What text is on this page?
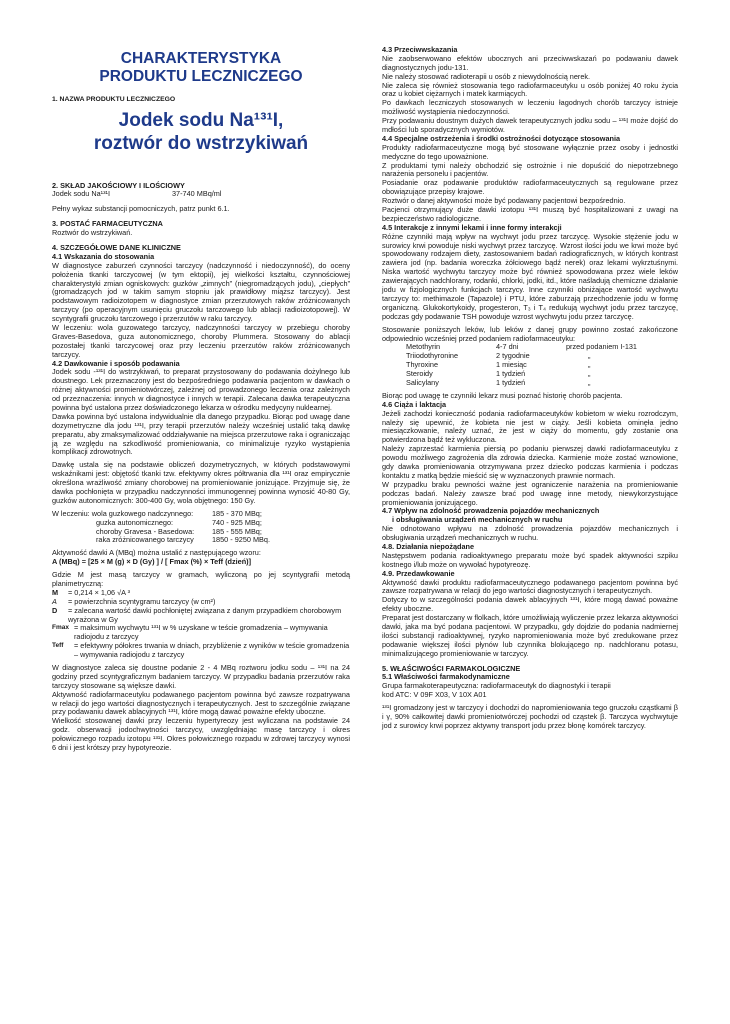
CHARAKTERYSTYKA
PRODUKTU LECZNICZEGO
1. NAZWA PRODUKTU LECZNICZEGO
Jodek sodu Na¹³¹I,
roztwór do wstrzykiwań
2. SKŁAD JAKOŚCIOWY I ILOŚCIOWY
Jodek sodu Na¹³¹I	37-740 MBq/ml

Pełny wykaz substancji pomocniczych, patrz punkt 6.1.

3. POSTAĆ FARMACEUTYCZNA

Roztwór do wstrzykiwań.

4. SZCZEGÓŁOWE DANE KLINICZNE
4.1 Wskazania do stosowania

W diagnostyce zaburzeń czynności tarczycy (nadczynność i niedoczynność), do oceny położenia tkanki tarczycowej (w tym ektopii), jej wielkości kształtu, czynnościowej charakterystyki zmian ogniskowych: guzków „zimnych” (niegromadzących jodu), „ciepłych” (gromadzących jod w takim samym stopniu jak prawidłowy miąższ tarczycy). Jest podstawowym radioizotopem w diagnostyce zmian przerzutowych raków zróżnicowanych tarczycy (po operacyjnym usunięciu gruczołu tarczowego lub ablacji radioizotopowej). W scyntygrafii gruczołu tarczowego i przerzutów w raku tarczycy.

W leczeniu: wola guzowatego tarczycy, nadczynności tarczycy w przebiegu choroby Graves-Basedova, guza autonomicznego, choroby Plummera. Stosowany do ablacji pozostałej tkanki tarczycowej oraz przy leczeniu przerzutów raków zróżnicowanych tarczycy.

4.2 Dawkowanie i sposób podawania

Jodek sodu -¹³¹I do wstrzykiwań, to preparat przystosowany do podawania dożylnego lub doustnego. Lek przeznaczony jest do bezpośredniego podawania pacjentom w dawkach o różnej aktywności promieniotwórczej, zależnej od prowadzonego leczenia oraz zależnych od przeznaczenia: innych w diagnostyce i innych w terapii. Zalecana dawka terapeutyczna powinna być ustalona przez doświadczonego lekarza w ośrodku medycyny nuklearnej.

Dawka powinna być ustalona indywidualnie dla danego przypadku. Biorąc pod uwagę dane dozymetryczne dla jodu ¹³¹I, przy terapii przerzutów należy wcześniej ustalić taką dawkę preparatu, aby zmaksymalizować oddziaływanie na miejsca przerzutowe raka i ograniczając ją ze względu na szkodliwość promieniowania, co minimalizuje ryzyko wystąpienia komplikacji zdrowotnych.

Dawkę ustala się na podstawie obliczeń dozymetrycznych, w których podstawowymi wskaźnikami jest: objętość tkanki tzw. efektywny okres półtrwania dla ¹³¹I oraz empirycznie określona wrażliwość zmiany chorobowej na promieniowanie jonizujące. Przyjmuje się, że dawka pochłonięta w przypadku nadczynności immunogennej powinna wynosić 40-80 Gy, guzków autonomicznych: 300-400 Gy, wola objętnego: 150 Gy.

W leczeniu: wola guzkowego nadczynnego:	185 - 370 MBq;
guzka autonomicznego:	740 - 925 MBq;
choroby Gravesa - Basedowa:	185 - 555 MBq;
raka zróżnicowanego tarczycy	1850 - 9250 MBq.

Aktywność dawki A (MBq) można ustalić z następującego wzoru:

A (MBq) = [25 × M (g) × D (Gy) ] / [ Fmax (%) × Teff (dzień)]

Gdzie M jest masą tarczycy w gramach, wyliczoną po jej scyntygrafii metodą planimetryczną:

M	= 0,214 × 1,06 √A ³
A	= powierzchnia scyntygramu tarczycy (w cm²)
D	= zalecana wartość dawki pochłoniętej związana z danym przypadkiem chorobowym wyrażona w Gy
Fmax = maksimum wychwytu ¹³¹I w % uzyskane w teście gromadzenia – wymywania radiojodu z tarczycy
Teff	= efektywny półokres trwania w dniach, przybliżenie z wyników w teście gromadzenia – wymywania radiojodu z tarczycy

W diagnostyce zaleca się doustne podanie 2 - 4 MBq roztworu jodku sodu – ¹³¹I na 24 godziny przed scyntygraficznym badaniem tarczycy. W przypadku badania przerzutów raka tarczycy stosowane są większe dawki.

Aktywność radiofarmaceutyku podawanego pacjentom powinna być zawsze rozpatrywana w relacji do jego wartości diagnostycznych i terapeutycznych. Jest to szczególnie związane przy podawaniu dawek ablacyjnych ¹³¹I, które mogą dawać poważne efekty uboczne.

Wielkość stosowanej dawki przy leczeniu hypertyreozy jest wyliczana na podstawie 24 godz. obserwacji jodochwytności tarczycy, uwzględniając masę tarczycy i okres połowicznego rozpadu izotopu ¹³¹I. Okres połowicznego rozpadu w zdrowej tarczycy wynosi 6 dni i jest krótszy przy hypotyreozie.

4.3 Przeciwwskazania

Nie zaobserwowano efektów ubocznych ani przeciwwskazań po podawaniu dawek diagnostycznych jodu-131.

Nie należy stosować radioterapii u osób z niewydolnością nerek.

Nie zaleca się również stosowania tego radiofarmaceutyku u osób poniżej 40 roku życia oraz u kobiet ciężarnych i matek karmiących.

Po dawkach leczniczych stosowanych w leczeniu łagodnych chorób tarczycy istnieje możliwość wystąpienia niedoczynności.

Przy podawaniu doustnym dużych dawek terapeutycznych jodku sodu – ¹³¹I może dojść do mdłości lub sporadycznych wymiotów.

4.4 Specjalne ostrzeżenia i środki ostrożności dotyczące stosowania

Produkty radiofarmaceutyczne mogą być stosowane wyłącznie przez osoby i jednostki medyczne do tego upoważnione.

Z produktami tymi należy obchodzić się ostrożnie i nie dopuścić do niepotrzebnego narażenia personelu i pacjentów.

Posiadanie oraz podawanie produktów radiofarmaceutycznych są regulowane przez obowiązujące przepisy krajowe.

Roztwór o danej aktywności może być podawany pacjentowi bezpośrednio.

Pacjenci otrzymujący duże dawki izotopu ¹³¹I muszą być hospitalizowani z uwagi na bezpieczeństwo radiologiczne.

4.5 Interakcje z innymi lekami i inne formy interakcji

Różne czynniki mają wpływ na wychwyt jodu przez tarczycę. Wysokie stężenie jodu w surowicy krwi powoduje niski wychwyt przez tarczycę. Wzrost ilości jodu we krwi może być spowodowany rodzajem diety, zastosowaniem badań radiograficznych, w których kontrast zawiera jod (np. badania woreczka żółciowego bądź nerek) oraz lekami wykrztuśnymi. Niska wartość wychwytu tarczycy może być również spowodowana przez wiele leków zawierających nadchlorany, rodanki, chlorki, jodki, itd., które naśladują chemiczne działanie jodu w fizjologicznych funkcjach tarczycy. Inne czynniki obniżające wartość wychwytu tarczycy to: methimazole (Tapazole) i PTU, które zaburzają przechodzenie jodu w formę organiczną. Glukokortykoidy, progesteron, T₃ i T₄ redukują wychwyt jodu przez tarczycę, podczas gdy podawanie TSH powoduje wzrost wychwytu jodu przez tarczycę.

Stosowanie poniższych leków, lub leków z danej grupy powinno zostać zakończone odpowiednio wcześniej przed podaniem radiofarmaceutyku:

Metothyrin	4-7 dni	przed podaniem I-131
Triiodothyronine	2 tygodnie	„
Thyroxine	1 miesiąc	„
Steroidy	1 tydzień	„
Salicylany	1 tydzień	„

Biorąc pod uwagę te czynniki lekarz musi poznać historię chorób pacjenta.

4.6 Ciąża i laktacja

Jeżeli zachodzi konieczność podania radiofarmaceutyków kobietom w wieku rozrodczym, należy się upewnić, że kobieta nie jest w ciąży. Jeśli kobieta ominęła jedno miesiączkowanie, należy uznać, że jest w ciąży do momentu, gdy zostanie ona potwierdzona bądź też wykluczona.

Należy zaprzestać karmienia piersią po podaniu pierwszej dawki radiofarmaceutyku z powodu możliwego zagrożenia dla zdrowia dziecka. Karmienie może zostać wznowione, gdy dawka promieniowania otrzymywana przez dziecko podczas karmienia i podczas kontaktu z matką będzie mieścić się w wyznaczonych prawnie normach.

W przypadku braku pewności ważne jest ograniczenie narażenia na promieniowanie podczas badań. Należy zawsze brać pod uwagę inne metody, niewykorzystujące promieniowania jonizującego.

4.7 Wpływ na zdolność prowadzenia pojazdów mechanicznych
i obsługiwania urządzeń mechanicznych w ruchu

Nie odnotowano wpływu na zdolność prowadzenia pojazdów mechanicznych i obsługiwania urządzeń mechanicznych w ruchu.

4.8. Działania niepożądane

Następstwem podania radioaktywnego preparatu może być spadek aktywności szpiku kostnego i/lub może on wywołać hypotyreozę.

4.9. Przedawkowanie

Aktywność dawki produktu radiofarmaceutycznego podawanego pacjentom powinna być zawsze rozpatrywana w relacji do jego wartości diagnostycznych i terapeutycznych.

Dotyczy to w szczególności podania dawek ablacyjnych ¹³¹I, które mogą dawać poważne efekty uboczne.

Preparat jest dostarczany w flolkach, które umożliwiają wyliczenie przez lekarza aktywności dawki, jaka ma być podana pacjentowi. W przypadku, gdy dojdzie do podania nadmiernej ilości substancji radioaktywnej, ryzyko napromieniowania może być zredukowane przez podawanie większej ilości płynów lub czynnika blokującego np. nadchloranu potasu, minimalizującego promieniowanie w tarczycy.

5. WŁAŚCIWOŚCI FARMAKOLOGICZNE
5.1 Właściwości farmakodynamiczne

Grupa farmakoterapeutyczna: radiofarmaceutyk do diagnostyki i terapii

kod ATC: V 09F X03, V 10X A01

¹³¹I gromadzony jest w tarczycy i dochodzi do napromieniowania tego gruczołu cząstkami β i γ, 90% całkowitej dawki promieniotwórczej pochodzi od cząstek β. Tarczyca wychwytuje jod z surowicy krwi poprzez aktywny transport jodu przez błonę komórek tarczycy.
